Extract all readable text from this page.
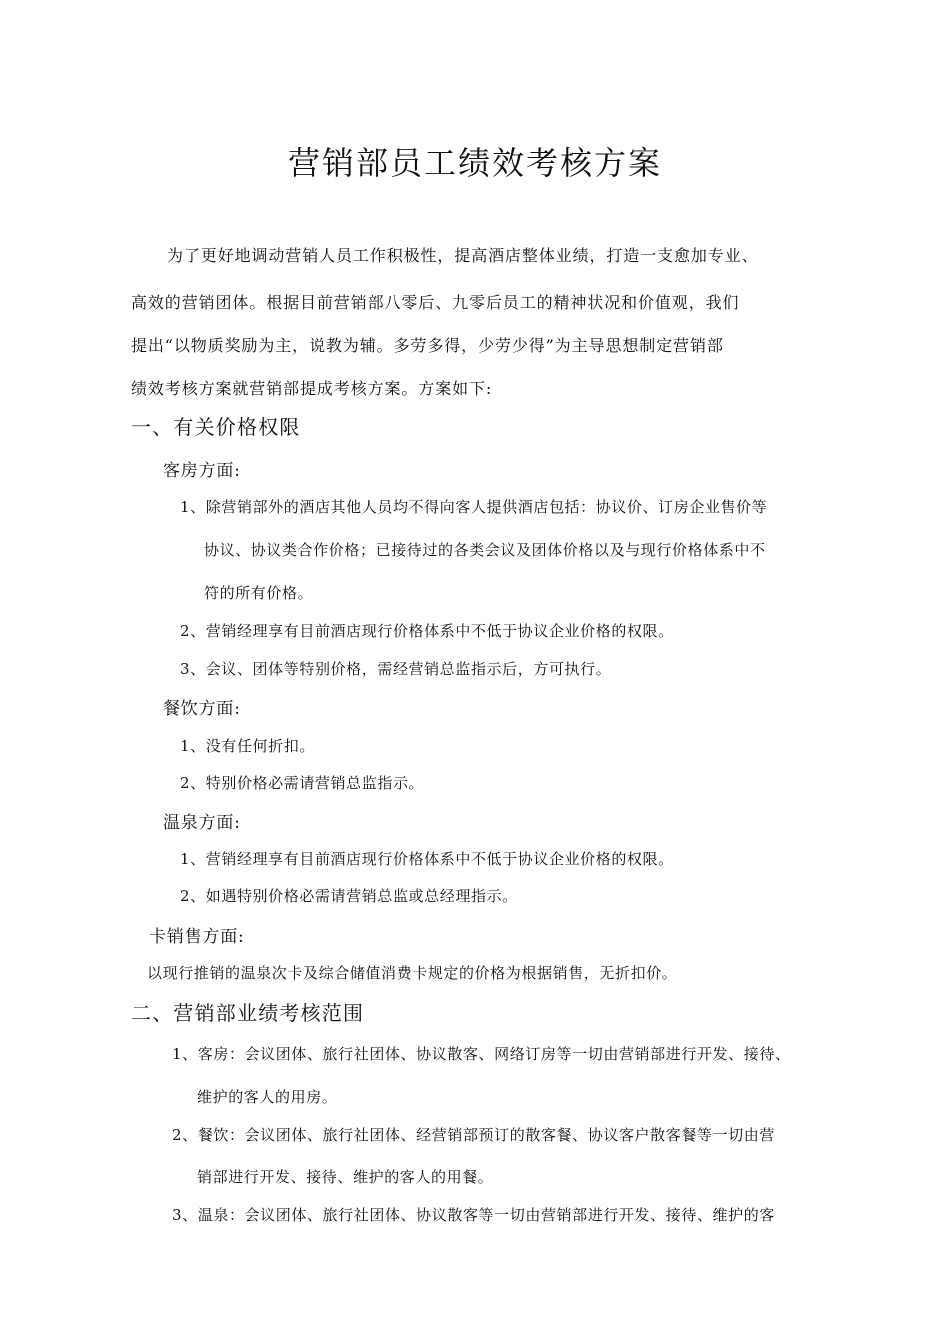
营销部员工绩效考核方案
为了更好地调动营销人员工作积极性，提高酒店整体业绩，打造一支愈加专业、
高效的营销团体。根据目前营销部八零后、九零后员工的精神状况和价值观，我们
提出“以物质奖励为主，说教为辅。多劳多得，少劳少得”为主导思想制定营销部
绩效考核方案就营销部提成考核方案。方案如下:
一、有关价格权限
客房方面:
1、除营销部外的酒店其他人员均不得向客人提供酒店包括：协议价、订房企业售价等
协议、协议类合作价格；已接待过的各类会议及团体价格以及与现行价格体系中不
符的所有价格。
2、营销经理享有目前酒店现行价格体系中不低于协议企业价格的权限。
3、会议、团体等特别价格，需经营销总监指示后，方可执行。
餐饮方面:
1、没有任何折扣。
2、特别价格必需请营销总监指示。
温泉方面:
1、营销经理享有目前酒店现行价格体系中不低于协议企业价格的权限。
2、如遇特别价格必需请营销总监或总经理指示。
卡销售方面:
以现行推销的温泉次卡及综合储值消费卡规定的价格为根据销售，无折扣价。
二、营销部业绩考核范围
1、客房：会议团体、旅行社团体、协议散客、网络订房等一切由营销部进行开发、接待、
维护的客人的用房。
2、餐饮：会议团体、旅行社团体、经营销部预订的散客餐、协议客户散客餐等一切由营
销部进行开发、接待、维护的客人的用餐。
3、温泉：会议团体、旅行社团体、协议散客等一切由营销部进行开发、接待、维护的客
